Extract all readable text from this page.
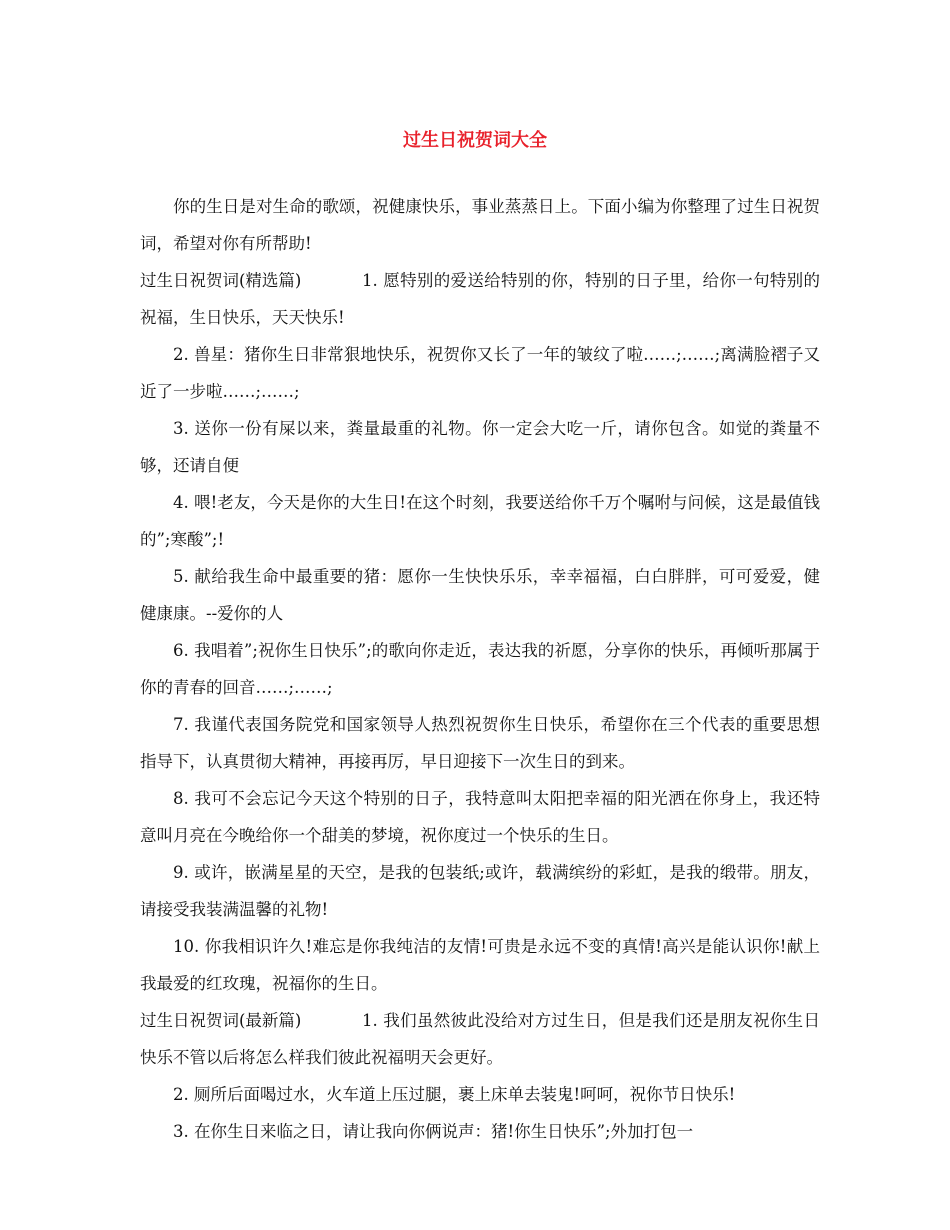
过生日祝贺词大全

你的生日是对生命的歌颂，祝健康快乐，事业蒸蒸日上。下面小编为你整理了过生日祝贺词，希望对你有所帮助!

过生日祝贺词(精选篇)	1. 愿特别的爱送给特别的你，特别的日子里，给你一句特别的祝福，生日快乐，天天快乐!

2. 兽星：猪你生日非常狠地快乐，祝贺你又长了一年的皱纹了啦……;……;离满脸褶子又近了一步啦……;……;

3. 送你一份有屎以来，粪量最重的礼物。你一定会大吃一斤，请你包含。如觉的粪量不够，还请自便

4. 喂!老友，今天是你的大生日!在这个时刻，我要送给你千万个嘱咐与问候，这是最值钱的”;寒酸”;!

5. 献给我生命中最重要的猪：愿你一生快快乐乐，幸幸福福，白白胖胖，可可爱爱，健健康康。--爱你的人

6. 我唱着”;祝你生日快乐”;的歌向你走近，表达我的祈愿，分享你的快乐，再倾听那属于你的青春的回音……;……;

7. 我谨代表国务院党和国家领导人热烈祝贺你生日快乐，希望你在三个代表的重要思想指导下，认真贯彻大精神，再接再厉，早日迎接下一次生日的到来。

8. 我可不会忘记今天这个特别的日子，我特意叫太阳把幸福的阳光洒在你身上，我还特意叫月亮在今晚给你一个甜美的梦境，祝你度过一个快乐的生日。

9. 或许，嵌满星星的天空，是我的包装纸;或许，载满缤纷的彩虹，是我的缎带。朋友，请接受我装满温馨的礼物!

10. 你我相识许久!难忘是你我纯洁的友情!可贵是永远不变的真情!高兴是能认识你!献上我最爱的红玫瑰，祝福你的生日。

过生日祝贺词(最新篇)	1. 我们虽然彼此没给对方过生日，但是我们还是朋友祝你生日快乐不管以后将怎么样我们彼此祝福明天会更好。

2. 厕所后面喝过水，火车道上压过腿，裹上床单去装鬼!呵呵，祝你节日快乐!

3. 在你生日来临之日，请让我向你俩说声：猪!你生日快乐”;外加打包一
